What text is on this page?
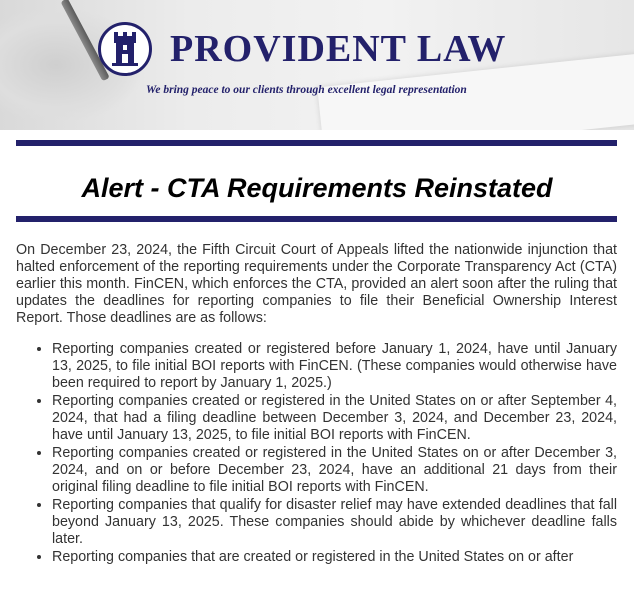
PROVIDENT LAW

We bring peace to our clients through excellent legal representation

Alert - CTA Requirements Reinstated

On December 23, 2024, the Fifth Circuit Court of Appeals lifted the nationwide injunction that halted enforcement of the reporting requirements under the Corporate Transparency Act (CTA) earlier this month. FinCEN, which enforces the CTA, provided an alert soon after the ruling that updates the deadlines for reporting companies to file their Beneficial Ownership Interest Report. Those deadlines are as follows:

• Reporting companies created or registered before January 1, 2024, have until January 13, 2025, to file initial BOI reports with FinCEN. (These companies would otherwise have been required to report by January 1, 2025.)
• Reporting companies created or registered in the United States on or after September 4, 2024, that had a filing deadline between December 3, 2024, and December 23, 2024, have until January 13, 2025, to file initial BOI reports with FinCEN.
• Reporting companies created or registered in the United States on or after December 3, 2024, and on or before December 23, 2024, have an additional 21 days from their original filing deadline to file initial BOI reports with FinCEN.
• Reporting companies that qualify for disaster relief may have extended deadlines that fall beyond January 13, 2025. These companies should abide by whichever deadline falls later.
• Reporting companies that are created or registered in the United States on or after
